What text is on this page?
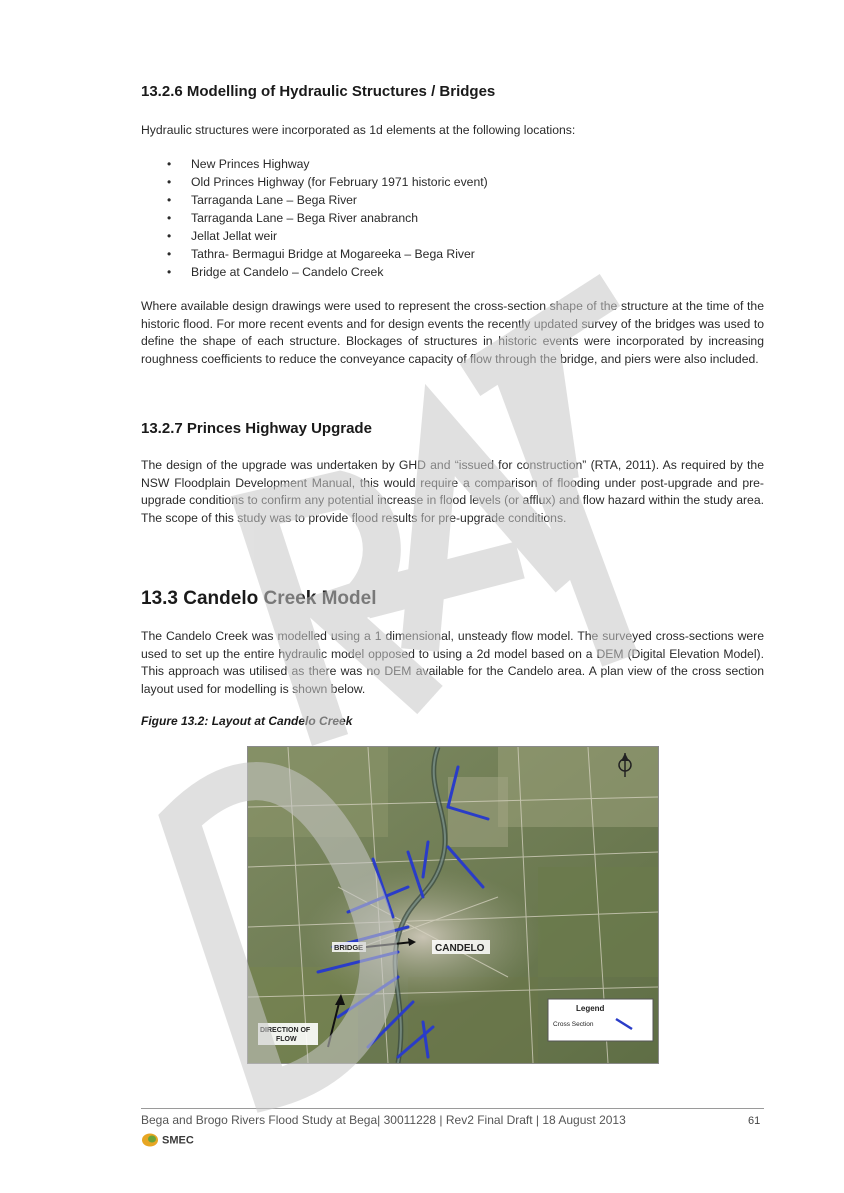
13.2.6 Modelling of Hydraulic Structures / Bridges

Hydraulic structures were incorporated as 1d elements at the following locations:

• New Princes Highway
• Old Princes Highway (for February 1971 historic event)
• Tarraganda Lane – Bega River
• Tarraganda Lane – Bega River anabranch
• Jellat Jellat weir
• Tathra- Bermagui Bridge at Mogareeka – Bega River
• Bridge at Candelo – Candelo Creek

Where available design drawings were used to represent the cross-section shape of the structure at the time of the historic flood. For more recent events and for design events the recently updated survey of the bridges was used to define the shape of each structure. Blockages of structures in historic events were incorporated by increasing roughness coefficients to reduce the conveyance capacity of flow through the bridge, and piers were also included.

13.2.7 Princes Highway Upgrade

The design of the upgrade was undertaken by GHD and “issued for construction” (RTA, 2011). As required by the NSW Floodplain Development Manual, this would require a comparison of flooding under post-upgrade and pre-upgrade conditions to confirm any potential increase in flood levels (or afflux) and flow hazard within the study area. The scope of this study was to provide flood results for pre-upgrade conditions.

13.3 Candelo Creek Model

The Candelo Creek was modelled using a 1 dimensional, unsteady flow model. The surveyed cross-sections were used to set up the entire hydraulic model opposed to using a 2d model based on a DEM (Digital Elevation Model). This approach was utilised as there was no DEM available for the Candelo area. A plan view of the cross section layout used for modelling is shown below.

Figure 13.2: Layout at Candelo Creek

BRIDGE	CANDELO
DIRECTION OF
FLOW
Legend
Cross Section

Bega and Brogo Rivers Flood Study at Bega| 30011228 | Rev2 Final Draft | 18 August 2013	61

SMEC
